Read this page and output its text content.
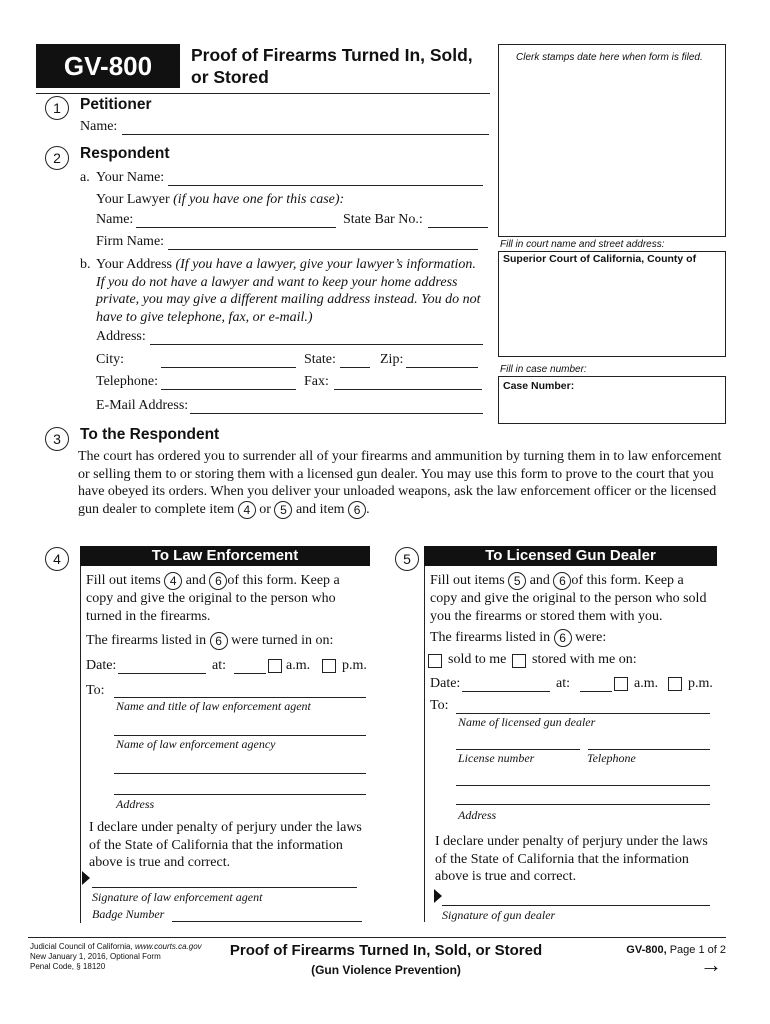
GV-800	Proof of Firearms Turned In, Sold,
or Stored
Clerk stamps date here when form is filed.
Fill in court name and street address:
Superior Court of California, County of
Fill in case number:
Case Number:
1	Petitioner
Name:
2	Respondent
a. Your Name:
Your Lawyer (if you have one for this case):
Name:	State Bar No.:
Firm Name:
b. Your Address (If you have a lawyer, give your lawyer’s information.
If you do not have a lawyer and want to keep your home address
private, you may give a different mailing address instead. You do not
have to give telephone, fax, or e-mail.)
Address:
City:	State:	Zip:
Telephone:	Fax:
E-Mail Address:
3	To the Respondent
The court has ordered you to surrender all of your firearms and ammunition by turning them in to law enforcement
or selling them to or storing them with a licensed gun dealer. You may use this form to prove to the court that you
have obeyed its orders. When you deliver your unloaded weapons, ask the law enforcement officer or the licensed
gun dealer to complete item 4 or 5 and item 6 .
4	To Law Enforcement
Fill out items 4 and 6 of this form. Keep a
copy and give the original to the person who
turned in the firearms.
The firearms listed in 6 were turned in on:
Date:	at:	a.m. p.m.
To:
Name and title of law enforcement agent
Name of law enforcement agency
Address
I declare under penalty of perjury under the laws
of the State of California that the information
above is true and correct.
Signature of law enforcement agent
Badge Number
5	To Licensed Gun Dealer
Fill out items 5 and 6 of this form. Keep a
copy and give the original to the person who sold
you the firearms or stored them with you.
The firearms listed in 6 were:
sold to me stored with me on:
Date:	at:	a.m. p.m.
To:
Name of licensed gun dealer
License number	Telephone
Address
I declare under penalty of perjury under the laws
of the State of California that the information
above is true and correct.
Signature of gun dealer
Judicial Council of California, www.courts.ca.gov
New January 1, 2016, Optional Form
Penal Code, § 18120
Proof of Firearms Turned In, Sold, or Stored
(Gun Violence Prevention)
GV-800, Page 1 of 2
→
